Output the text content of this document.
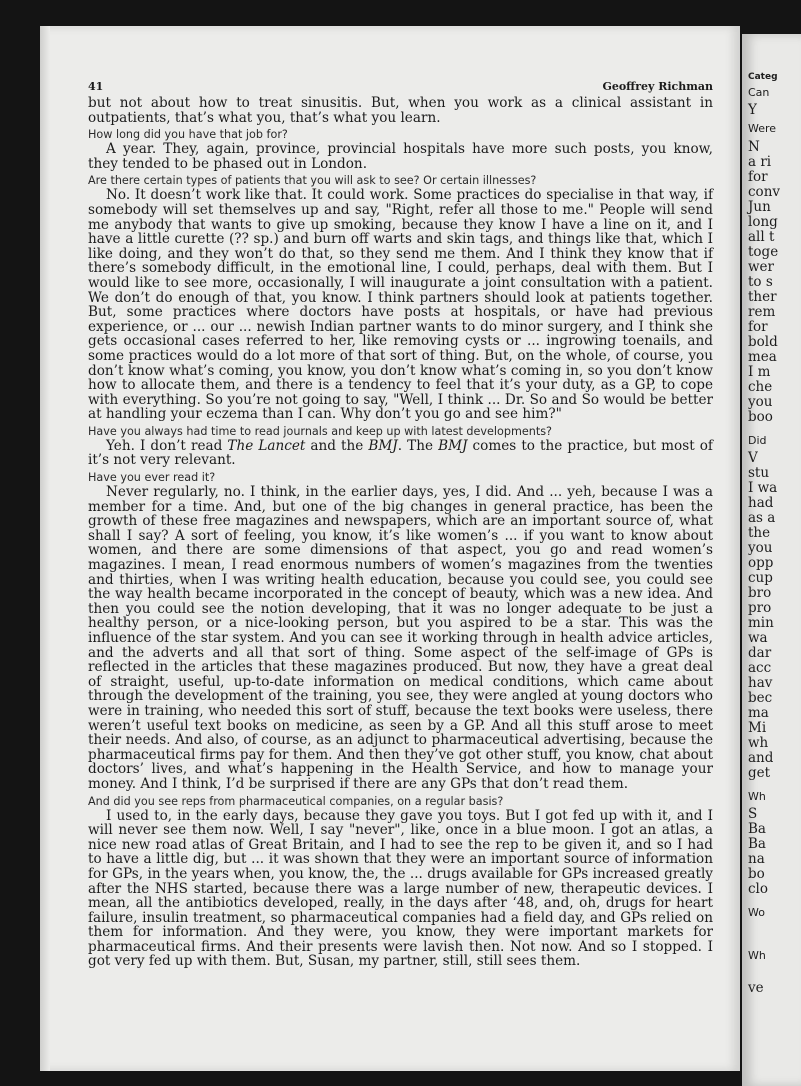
Categ
Can
Y
Were
N
a ri
for
conv
Jun
long
all t
toge
wer
to s
ther
rem
for
bold
mea
I m
che
you
boo
Did
V
stu
I wa
had
as a
the
you
opp
cup
bro
pro
min
wa
dar
acc
hav
bec
ma
Mi
wh
and
get
Wh
S
Ba
Ba
na
bo
clo
Wo
Wh
ve
41	Geoffrey Richman

but not about how to treat sinusitis. But, when you work as a clinical assistant in outpatients, that’s what you, that’s what you learn.

How long did you have that job for?

A year. They, again, province, provincial hospitals have more such posts, you know, they tended to be phased out in London.

Are there certain types of patients that you will ask to see? Or certain illnesses?

No. It doesn’t work like that. It could work. Some practices do specialise in that way, if somebody will set themselves up and say, "Right, refer all those to me." People will send me anybody that wants to give up smoking, because they know I have a line on it, and I have a little curette (?? sp.) and burn off warts and skin tags, and things like that, which I like doing, and they won’t do that, so they send me them. And I think they know that if there’s somebody difficult, in the emotional line, I could, perhaps, deal with them. But I would like to see more, occasionally, I will inaugurate a joint consultation with a patient. We don’t do enough of that, you know. I think partners should look at patients together. But, some practices where doctors have posts at hospitals, or have had previous experience, or ... our ... newish Indian partner wants to do minor surgery, and I think she gets occasional cases referred to her, like removing cysts or ... ingrowing toenails, and some practices would do a lot more of that sort of thing. But, on the whole, of course, you don’t know what’s coming, you know, you don’t know what’s coming in, so you don’t know how to allocate them, and there is a tendency to feel that it’s your duty, as a GP, to cope with everything. So you’re not going to say, "Well, I think ... Dr. So and So would be better at handling your eczema than I can. Why don’t you go and see him?"

Have you always had time to read journals and keep up with latest developments?

Yeh. I don’t read The Lancet and the BMJ. The BMJ comes to the practice, but most of it’s not very relevant.

Have you ever read it?

Never regularly, no. I think, in the earlier days, yes, I did. And ... yeh, because I was a member for a time. And, but one of the big changes in general practice, has been the growth of these free magazines and newspapers, which are an important source of, what shall I say? A sort of feeling, you know, it’s like women’s ... if you want to know about women, and there are some dimensions of that aspect, you go and read women’s magazines. I mean, I read enormous numbers of women’s magazines from the twenties and thirties, when I was writing health education, because you could see, you could see the way health became incorporated in the concept of beauty, which was a new idea. And then you could see the notion developing, that it was no longer adequate to be just a healthy person, or a nice-looking person, but you aspired to be a star. This was the influence of the star system. And you can see it working through in health advice articles, and the adverts and all that sort of thing. Some aspect of the self-image of GPs is reflected in the articles that these magazines produced. But now, they have a great deal of straight, useful, up-to-date information on medical conditions, which came about through the development of the training, you see, they were angled at young doctors who were in training, who needed this sort of stuff, because the text books were useless, there weren’t useful text books on medicine, as seen by a GP. And all this stuff arose to meet their needs. And also, of course, as an adjunct to pharmaceutical advertising, because the pharmaceutical firms pay for them. And then they’ve got other stuff, you know, chat about doctors’ lives, and what’s happening in the Health Service, and how to manage your money. And I think, I’d be surprised if there are any GPs that don’t read them.

And did you see reps from pharmaceutical companies, on a regular basis?

I used to, in the early days, because they gave you toys. But I got fed up with it, and I will never see them now. Well, I say "never", like, once in a blue moon. I got an atlas, a nice new road atlas of Great Britain, and I had to see the rep to be given it, and so I had to have a little dig, but ... it was shown that they were an important source of information for GPs, in the years when, you know, the, the ... drugs available for GPs increased greatly after the NHS started, because there was a large number of new, therapeutic devices. I mean, all the antibiotics developed, really, in the days after ‘48, and, oh, drugs for heart failure, insulin treatment, so pharmaceutical companies had a field day, and GPs relied on them for information. And they were, you know, they were important markets for pharmaceutical firms. And their presents were lavish then. Not now. And so I stopped. I got very fed up with them. But, Susan, my partner, still, still sees them.
